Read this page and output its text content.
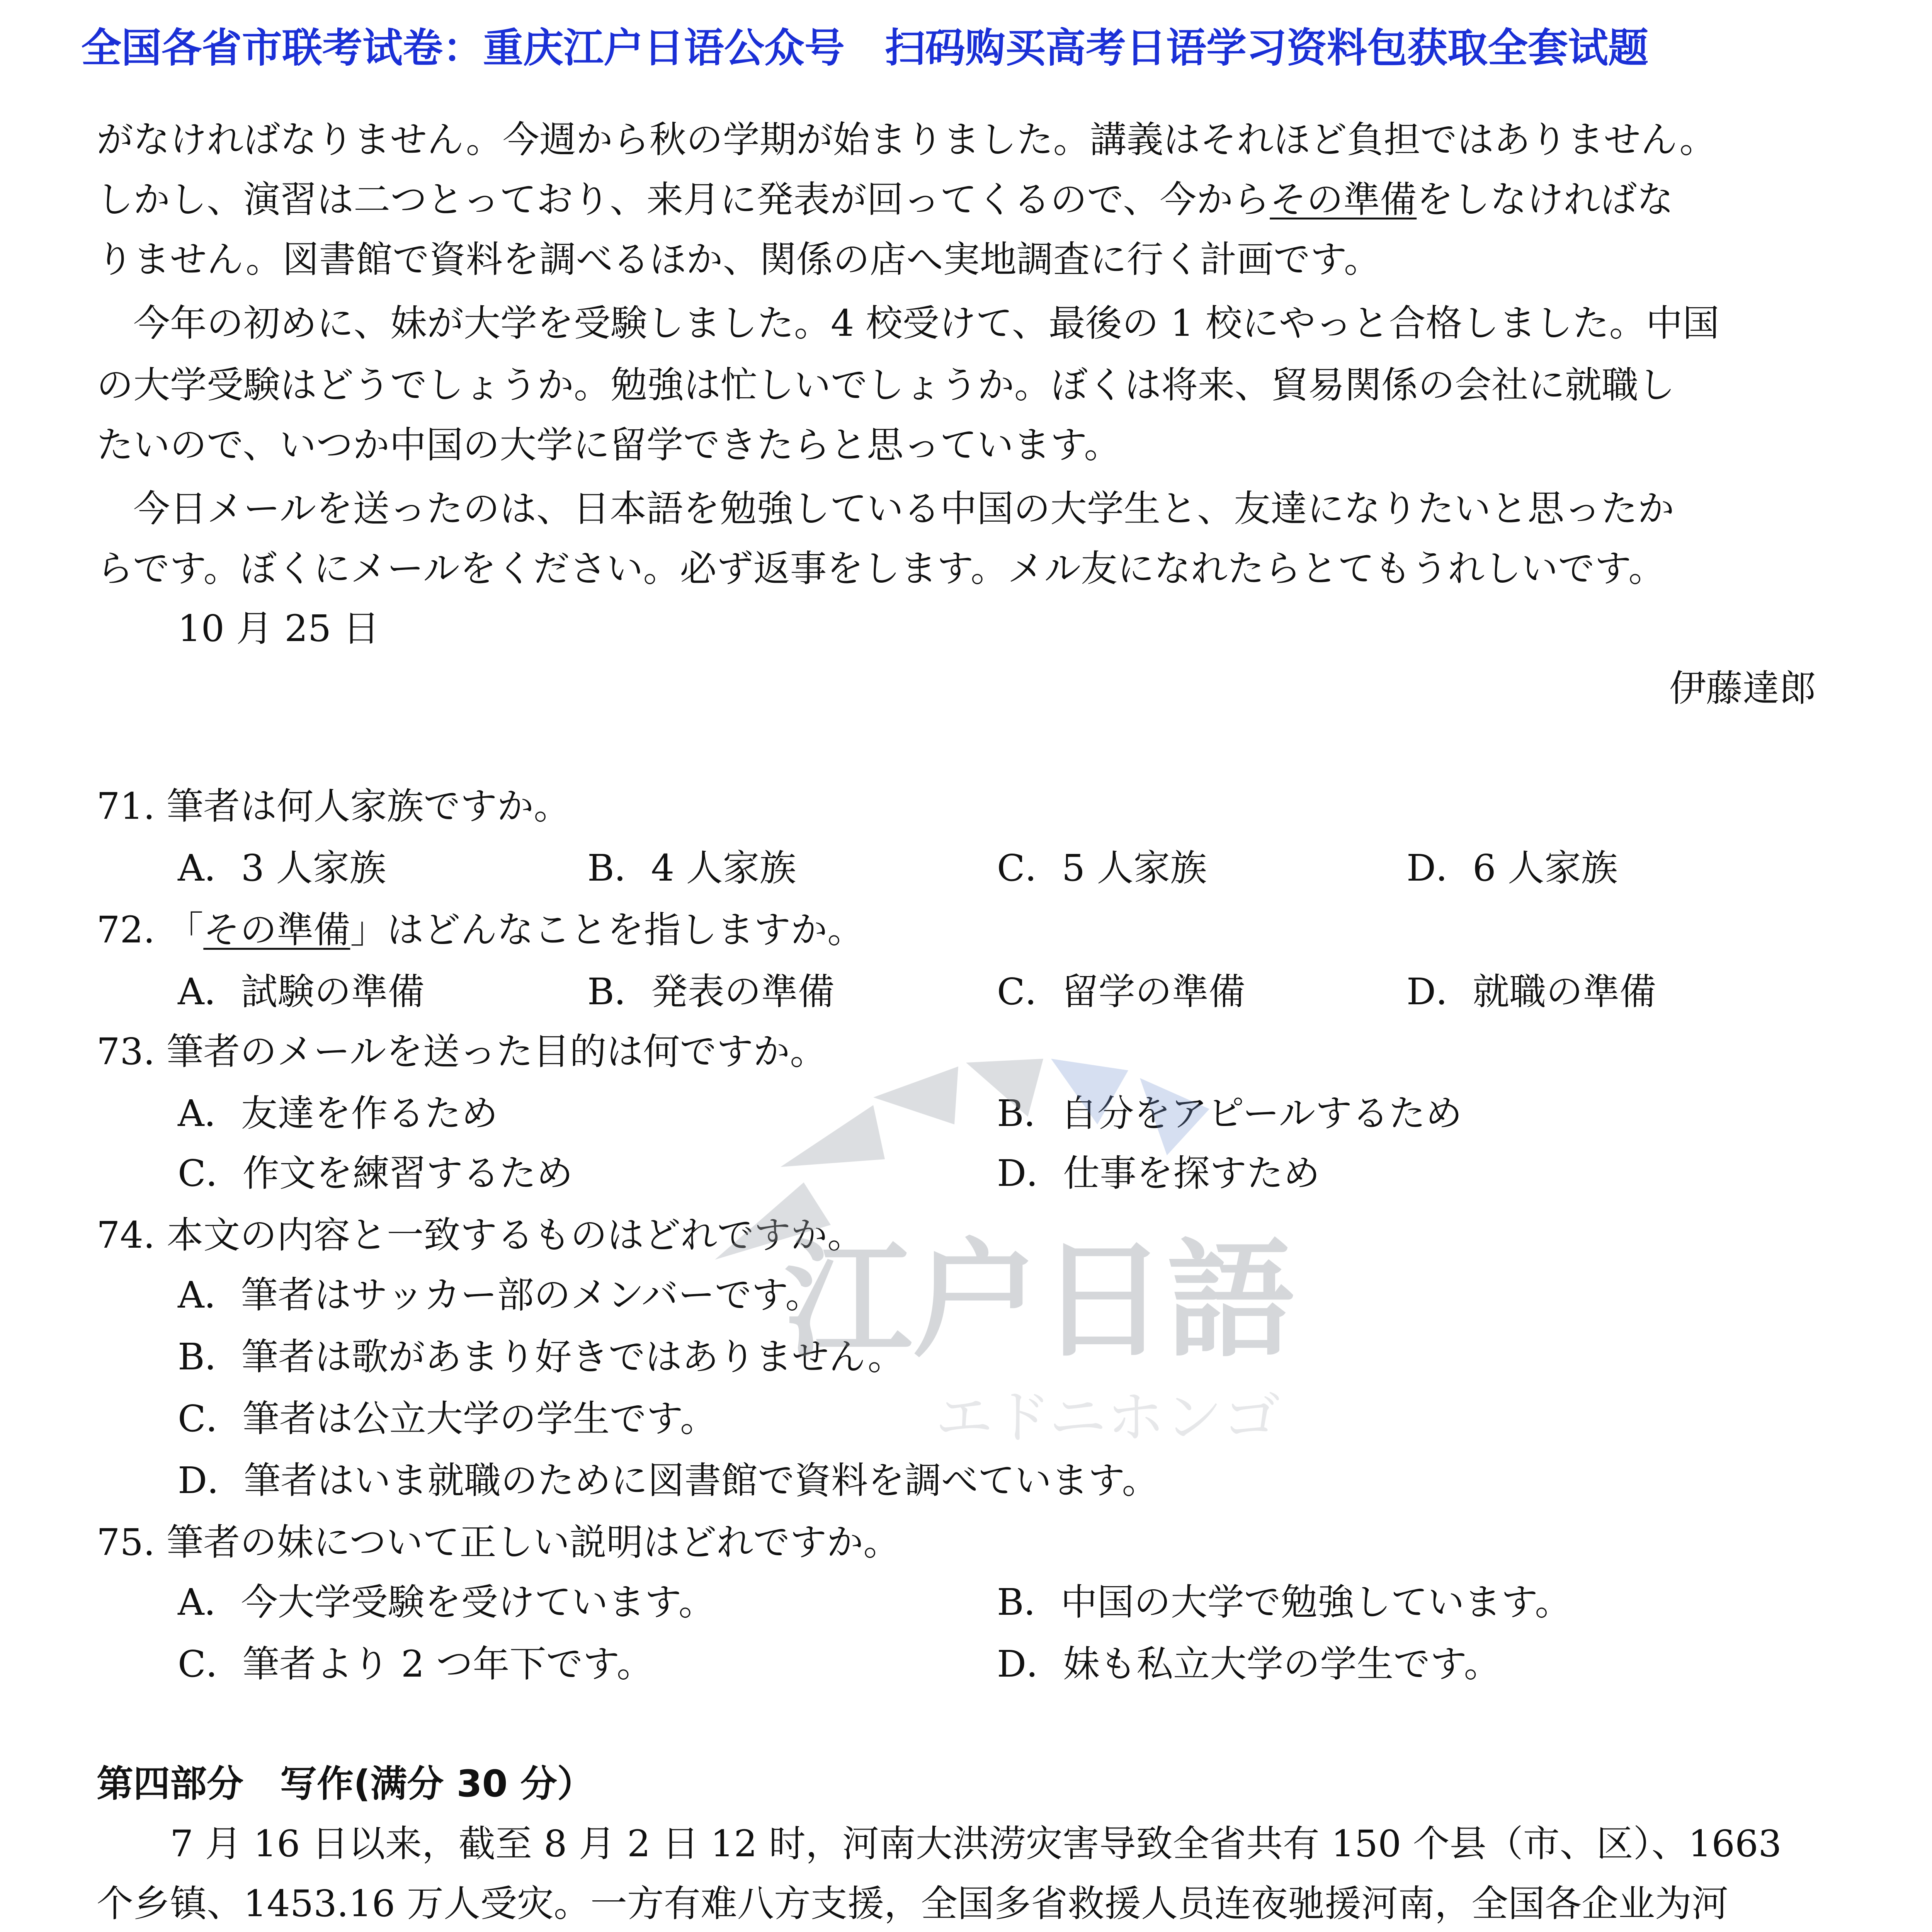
全国各省市联考试卷：重庆江户日语公众号　扫码购买高考日语学习资料包获取全套试题
がなければなりません。今週から秋の学期が始まりました。講義はそれほど負担ではありません。
しかし、演習は二つとっており、来月に発表が回ってくるので、今からその準備をしなければな
りません。図書館で資料を調べるほか、関係の店へ実地調査に行く計画です。
今年の初めに、妹が大学を受験しました。4 校受けて、最後の 1 校にやっと合格しました。中国
の大学受験はどうでしょうか。勉強は忙しいでしょうか。ぼくは将来、貿易関係の会社に就職し
たいので、いつか中国の大学に留学できたらと思っています。
今日メールを送ったのは、日本語を勉強している中国の大学生と、友達になりたいと思ったか
らです。ぼくにメールをください。必ず返事をします。メル友になれたらとてもうれしいです。
10 月 25 日
伊藤達郎
71. 筆者は何人家族ですか。
A．3 人家族	B．4 人家族	C．5 人家族	D．6 人家族
72. 「その準備」はどんなことを指しますか。
A．試験の準備	B．発表の準備	C．留学の準備	D．就職の準備
73. 筆者のメールを送った目的は何ですか。
A．友達を作るため	B．自分をアピールするため
C．作文を練習するため	D．仕事を探すため
74. 本文の内容と一致するものはどれですか。
A．筆者はサッカー部のメンバーです。
B．筆者は歌があまり好きではありません。
C．筆者は公立大学の学生です。
D．筆者はいま就職のために図書館で資料を調べています。
75. 筆者の妹について正しい説明はどれですか。
A．今大学受験を受けています。	B．中国の大学で勉強しています。
C．筆者より 2 つ年下です。	D．妹も私立大学の学生です。
第四部分　写作(满分 30 分）
7 月 16 日以来，截至 8 月 2 日 12 时，河南大洪涝灾害导致全省共有 150 个县（市、区）、1663
个乡镇、1453.16 万人受灾。一方有难八方支援，全国多省救援人员连夜驰援河南，全国各企业为河
江户日語
エドニホンゴ
